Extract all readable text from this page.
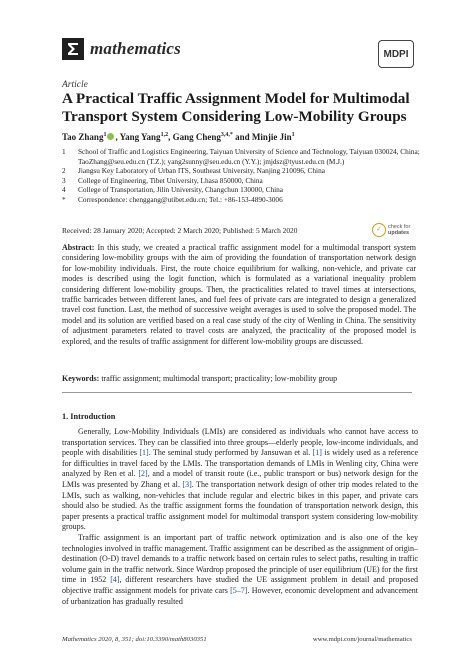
mathematics	MDPI
Article
A Practical Traffic Assignment Model for Multimodal Transport System Considering Low-Mobility Groups
Tao Zhang$^1$ , Yang Yang$^{1,2}$, Gang Cheng$^{3,4,*}$ and Minjie Jin$^1$
1 School of Traffic and Logistics Engineering, Taiyuan University of Science and Technology, Taiyuan 030024, China; TaoZhang@seu.edu.cn (T.Z.); yang2sunny@seu.edu.cn (Y.Y.); jmjdsz@tyust.edu.cn (M.J.)
2 Jiangsu Key Laboratory of Urban ITS, Southeast University, Nanjing 210096, China
3 College of Engineering, Tibet University, Lhasa 850000, China
4 College of Transportation, Jilin University, Changchun 130000, China
* Correspondence: chenggang@utibet.edu.cn; Tel.: +86-153-4890-3006
Received: 28 January 2020; Accepted: 2 March 2020; Published: 5 March 2020	✓	check for
updates
Abstract: In this study, we created a practical traffic assignment model for a multimodal transport system considering low-mobility groups with the aim of providing the foundation of transportation network design for low-mobility individuals. First, the route choice equilibrium for walking, non-vehicle, and private car modes is described using the logit function, which is formulated as a variational inequality problem considering different low-mobility groups. Then, the practicalities related to travel times at intersections, traffic barricades between different lanes, and fuel fees of private cars are integrated to design a generalized travel cost function. Last, the method of successive weight averages is used to solve the proposed model. The model and its solution are verified based on a real case study of the city of Wenling in China. The sensitivity of adjustment parameters related to travel costs are analyzed, the practicality of the proposed model is explored, and the results of traffic assignment for different low-mobility groups are discussed.
Keywords: traffic assignment; multimodal transport; practicality; low-mobility group
1. Introduction

Generally, Low-Mobility Individuals (LMIs) are considered as individuals who cannot have access to transportation services. They can be classified into three groups—elderly people, low-income individuals, and people with disabilities [1]. The seminal study performed by Jansuwan et al. [1] is widely used as a reference for difficulties in travel faced by the LMIs. The transportation demands of LMIs in Wenling city, China were analyzed by Ren et al. [2], and a model of transit route (i.e., public transport or bus) network design for the LMIs was presented by Zhang et al. [3]. The transportation network design of other trip modes related to the LMIs, such as walking, non-vehicles that include regular and electric bikes in this paper, and private cars should also be studied. As the traffic assignment forms the foundation of transportation network design, this paper presents a practical traffic assignment model for multimodal transport system considering low-mobility groups.

Traffic assignment is an important part of traffic network optimization and is also one of the key technologies involved in traffic management. Traffic assignment can be described as the assignment of origin–destination (O-D) travel demands to a traffic network based on certain rules to select paths, resulting in traffic volume gain in the traffic network. Since Wardrop proposed the principle of user equilibrium (UE) for the first time in 1952 [4], different researchers have studied the UE assignment problem in detail and proposed objective traffic assignment models for private cars [5–7]. However, economic development and advancement of urbanization has gradually resulted

Mathematics 2020, 8, 351; doi:10.3390/math8030351	www.mdpi.com/journal/mathematics
